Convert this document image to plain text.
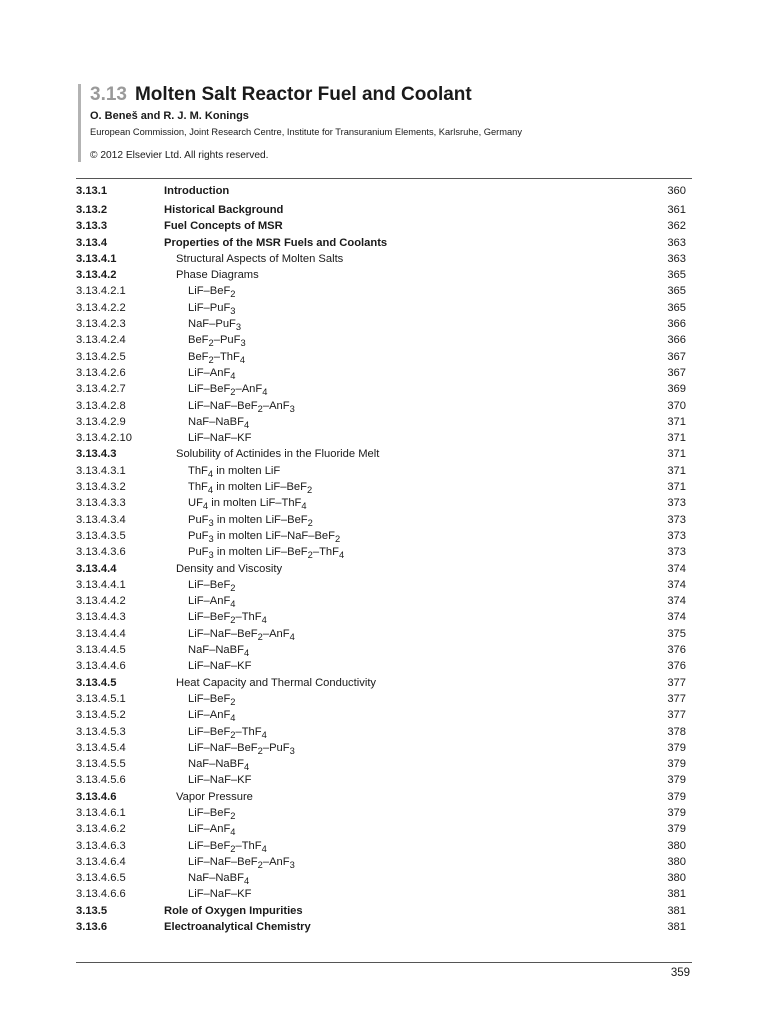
3.13 Molten Salt Reactor Fuel and Coolant
O. Beneš and R. J. M. Konings
European Commission, Joint Research Centre, Institute for Transuranium Elements, Karlsruhe, Germany
© 2012 Elsevier Ltd. All rights reserved.
3.13.1	Introduction	360
3.13.2	Historical Background	361
3.13.3	Fuel Concepts of MSR	362
3.13.4	Properties of the MSR Fuels and Coolants	363
3.13.4.1	Structural Aspects of Molten Salts	363
3.13.4.2	Phase Diagrams	365
3.13.4.2.1	LiF–BeF$_2$	365
3.13.4.2.2	LiF–PuF$_3$	365
3.13.4.2.3	NaF–PuF$_3$	366
3.13.4.2.4	BeF$_2$–PuF$_3$	366
3.13.4.2.5	BeF$_2$–ThF$_4$	367
3.13.4.2.6	LiF–AnF$_4$	367
3.13.4.2.7	LiF–BeF$_2$–AnF$_4$	369
3.13.4.2.8	LiF–NaF–BeF$_2$–AnF$_3$	370
3.13.4.2.9	NaF–NaBF$_4$	371
3.13.4.2.10	LiF–NaF–KF	371
3.13.4.3	Solubility of Actinides in the Fluoride Melt	371
3.13.4.3.1	ThF$_4$ in molten LiF	371
3.13.4.3.2	ThF$_4$ in molten LiF–BeF$_2$	371
3.13.4.3.3	$UF_4$ in molten LiF–ThF$_4$	373
3.13.4.3.4	PuF$_3$ in molten LiF–BeF$_2$	373
3.13.4.3.5	PuF$_3$ in molten LiF–NaF–BeF$_2$	373
3.13.4.3.6	PuF$_3$ in molten LiF–BeF$_2$–ThF$_4$	373
3.13.4.4	Density and Viscosity	374
3.13.4.4.1	LiF–BeF$_2$	374
3.13.4.4.2	LiF–AnF$_4$	374
3.13.4.4.3	LiF–BeF$_2$–ThF$_4$	374
3.13.4.4.4	LiF–NaF–BeF$_2$–AnF$_4$	375
3.13.4.4.5	NaF–NaBF$_4$	376
3.13.4.4.6	LiF–NaF–KF	376
3.13.4.5	Heat Capacity and Thermal Conductivity	377
3.13.4.5.1	LiF–BeF$_2$	377
3.13.4.5.2	LiF–AnF$_4$	377
3.13.4.5.3	LiF–BeF$_2$–ThF$_4$	378
3.13.4.5.4	LiF–NaF–BeF$_2$–PuF$_3$	379
3.13.4.5.5	NaF–NaBF$_4$	379
3.13.4.5.6	LiF–NaF–KF	379
3.13.4.6	Vapor Pressure	379
3.13.4.6.1	LiF–BeF$_2$	379
3.13.4.6.2	LiF–AnF$_4$	379
3.13.4.6.3	LiF–BeF$_2$–ThF$_4$	380
3.13.4.6.4	LiF–NaF–BeF$_2$–AnF$_3$	380
3.13.4.6.5	NaF–NaBF$_4$	380
3.13.4.6.6	LiF–NaF–KF	381
3.13.5	Role of Oxygen Impurities	381
3.13.6	Electroanalytical Chemistry	381
359
